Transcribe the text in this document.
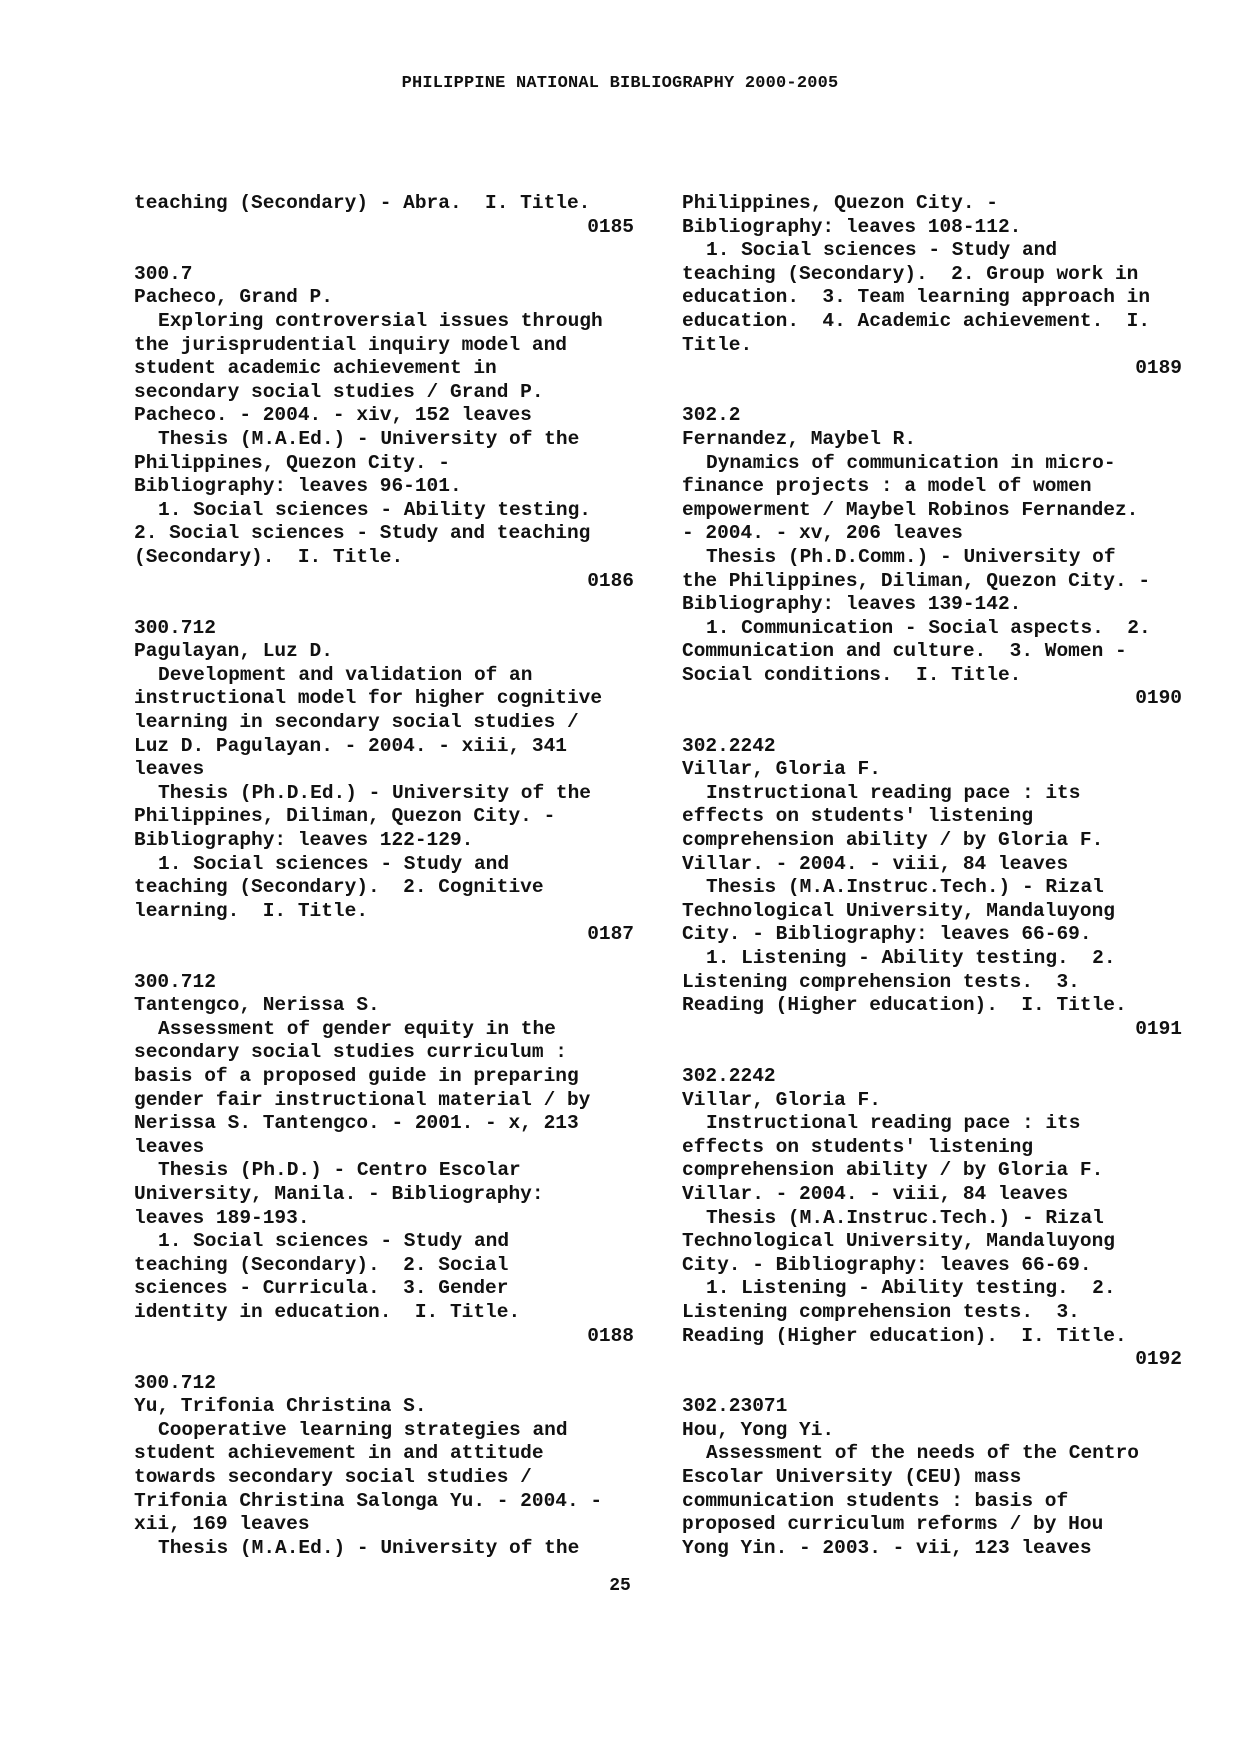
PHILIPPINE NATIONAL BIBLIOGRAPHY 2000-2005
teaching (Secondary) - Abra.  I. Title.
0185
300.7
Pacheco, Grand P.
Exploring controversial issues through
the jurisprudential inquiry model and
student academic achievement in
secondary social studies / Grand P.
Pacheco. - 2004. - xiv, 152 leaves
Thesis (M.A.Ed.) - University of the
Philippines, Quezon City. -
Bibliography: leaves 96-101.
1. Social sciences - Ability testing.
2. Social sciences - Study and teaching
(Secondary).  I. Title.
0186
300.712
Pagulayan, Luz D.
Development and validation of an
instructional model for higher cognitive
learning in secondary social studies /
Luz D. Pagulayan. - 2004. - xiii, 341
leaves
Thesis (Ph.D.Ed.) - University of the
Philippines, Diliman, Quezon City. -
Bibliography: leaves 122-129.
1. Social sciences - Study and
teaching (Secondary).  2. Cognitive
learning.  I. Title.
0187
300.712
Tantengco, Nerissa S.
Assessment of gender equity in the
secondary social studies curriculum :
basis of a proposed guide in preparing
gender fair instructional material / by
Nerissa S. Tantengco. - 2001. - x, 213
leaves
Thesis (Ph.D.) - Centro Escolar
University, Manila. - Bibliography:
leaves 189-193.
1. Social sciences - Study and
teaching (Secondary).  2. Social
sciences - Curricula.  3. Gender
identity in education.  I. Title.
0188
300.712
Yu, Trifonia Christina S.
Cooperative learning strategies and
student achievement in and attitude
towards secondary social studies /
Trifonia Christina Salonga Yu. - 2004. -
xii, 169 leaves
Thesis (M.A.Ed.) - University of the
Philippines, Quezon City. -
Bibliography: leaves 108-112.
1. Social sciences - Study and
teaching (Secondary).  2. Group work in
education.  3. Team learning approach in
education.  4. Academic achievement.  I.
Title.
0189
302.2
Fernandez, Maybel R.
Dynamics of communication in micro-
finance projects : a model of women
empowerment / Maybel Robinos Fernandez.
- 2004. - xv, 206 leaves
Thesis (Ph.D.Comm.) - University of
the Philippines, Diliman, Quezon City. -
Bibliography: leaves 139-142.
1. Communication - Social aspects.  2.
Communication and culture.  3. Women -
Social conditions.  I. Title.
0190
302.2242
Villar, Gloria F.
Instructional reading pace : its
effects on students' listening
comprehension ability / by Gloria F.
Villar. - 2004. - viii, 84 leaves
Thesis (M.A.Instruc.Tech.) - Rizal
Technological University, Mandaluyong
City. - Bibliography: leaves 66-69.
1. Listening - Ability testing.  2.
Listening comprehension tests.  3.
Reading (Higher education).  I. Title.
0191
302.2242
Villar, Gloria F.
Instructional reading pace : its
effects on students' listening
comprehension ability / by Gloria F.
Villar. - 2004. - viii, 84 leaves
Thesis (M.A.Instruc.Tech.) - Rizal
Technological University, Mandaluyong
City. - Bibliography: leaves 66-69.
1. Listening - Ability testing.  2.
Listening comprehension tests.  3.
Reading (Higher education).  I. Title.
0192
302.23071
Hou, Yong Yi.
Assessment of the needs of the Centro
Escolar University (CEU) mass
communication students : basis of
proposed curriculum reforms / by Hou
Yong Yin. - 2003. - vii, 123 leaves
25
